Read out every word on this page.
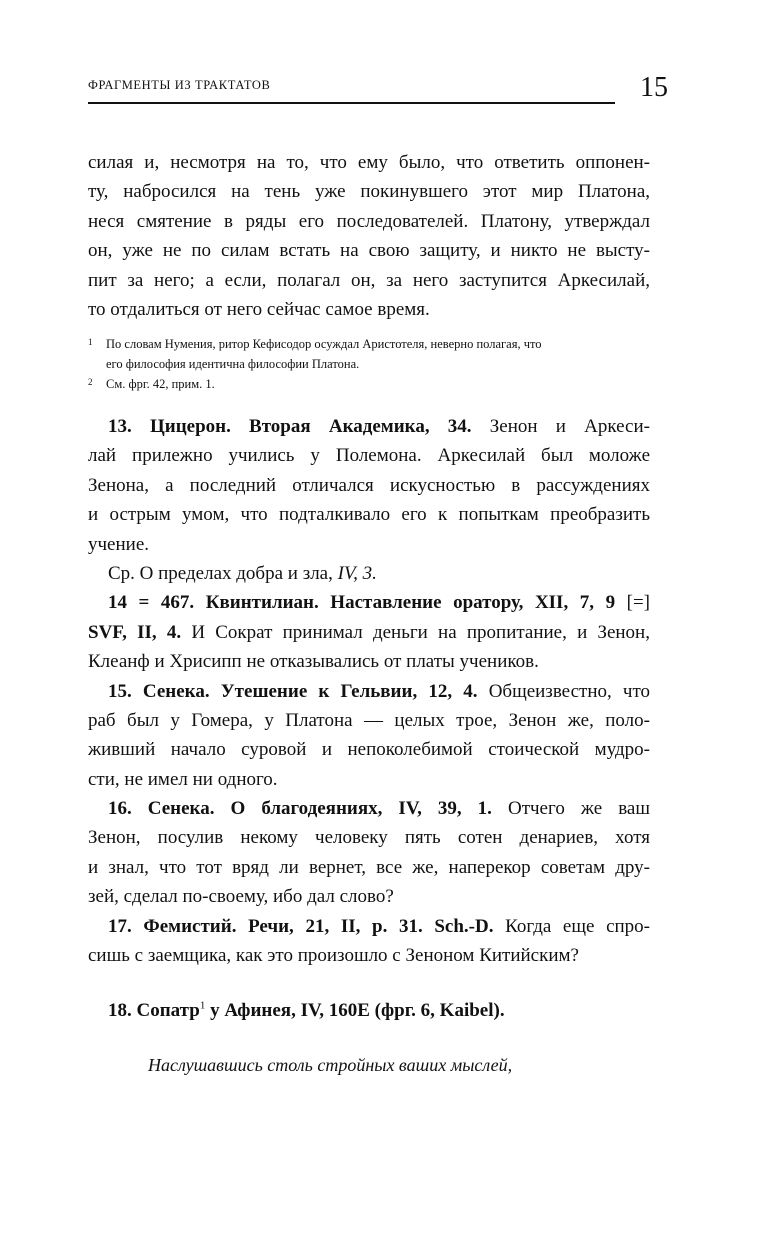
ФРАГМЕНТЫ ИЗ ТРАКТАТОВ	15
силая и, несмотря на то, что ему было, что ответить оппонен-
ту, набросился на тень уже покинувшего этот мир Платона,
неся смятение в ряды его последователей. Платону, утверждал
он, уже не по силам встать на свою защиту, и никто не высту-
пит за него; а если, полагал он, за него заступится Аркесилай,
то отдалиться от него сейчас самое время.
1 По словам Нумения, ритор Кефисодор осуждал Аристотеля, неверно полагая, что
его философия идентична философии Платона.
2 См. фрг. 42, прим. 1.
13. Цицерон. Вторая Академика, 34. Зенон и Аркеси-
лай прилежно учились у Полемона. Аркесилай был моложе
Зенона, а последний отличался искусностью в рассуждениях
и острым умом, что подталкивало его к попыткам преобразить
учение.
Ср. О пределах добра и зла, IV, 3.
14 = 467. Квинтилиан. Наставление оратору, XII, 7, 9 [=]
SVF, II, 4. И Сократ принимал деньги на пропитание, и Зенон,
Клеанф и Хрисипп не отказывались от платы учеников.
15. Сенека. Утешение к Гельвии, 12, 4. Общеизвестно, что
раб был у Гомера, у Платона — целых трое, Зенон же, поло-
живший начало суровой и непоколебимой стоической мудро-
сти, не имел ни одного.
16. Сенека. О благодеяниях, IV, 39, 1. Отчего же ваш
Зенон, посулив некому человеку пять сотен денариев, хотя
и знал, что тот вряд ли вернет, все же, наперекор советам дру-
зей, сделал по-своему, ибо дал слово?
17. Фемистий. Речи, 21, II, p. 31. Sch.-D. Когда еще спро-
сишь с заемщика, как это произошло с Зеноном Китийским?
18. Сопатр$^1$ у Афинея, IV, 160E (фрг. 6, Kaibel).
Наслушавшись столь стройных ваших мыслей,
